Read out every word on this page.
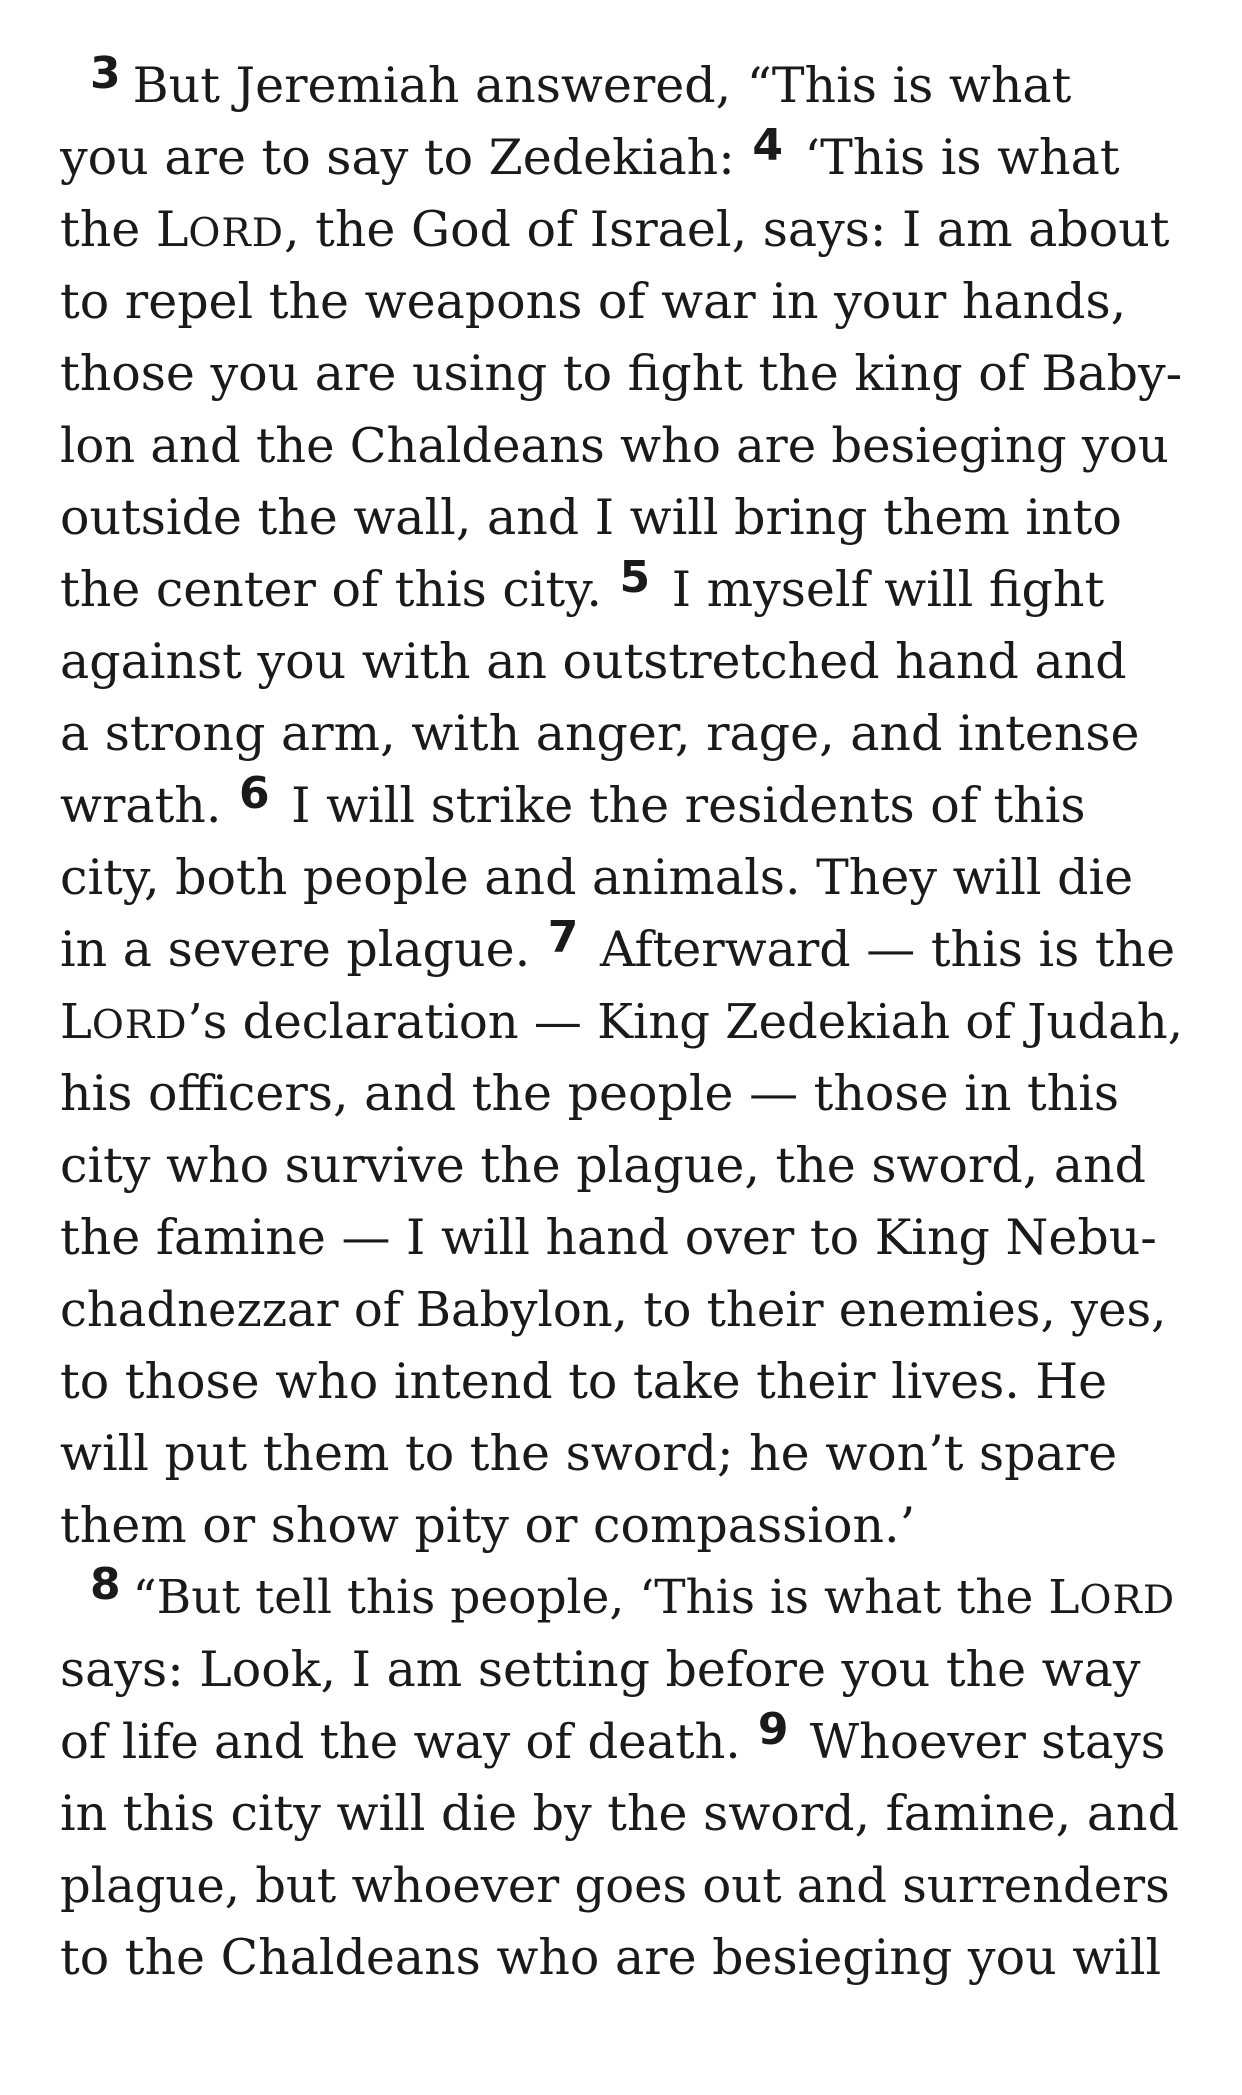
3 But Jeremiah answered, “This is what
you are to say to Zedekiah: 4 ‘This is what
the LORD, the God of Israel, says: I am about
to repel the weapons of war in your hands,
those you are using to fight the king of Baby-
lon and the Chaldeans who are besieging you
outside the wall, and I will bring them into
the center of this city. 5 I myself will fight
against you with an outstretched hand and
a strong arm, with anger, rage, and intense
wrath. 6 I will strike the residents of this
city, both people and animals. They will die
in a severe plague. 7 Afterward — this is the
LORD’s declaration — King Zedekiah of Judah,
his officers, and the people — those in this
city who survive the plague, the sword, and
the famine — I will hand over to King Nebu-
chadnezzar of Babylon, to their enemies, yes,
to those who intend to take their lives. He
will put them to the sword; he won’t spare
them or show pity or compassion.’
8 “But tell this people, ‘This is what the LORD
says: Look, I am setting before you the way
of life and the way of death. 9 Whoever stays
in this city will die by the sword, famine, and
plague, but whoever goes out and surrenders
to the Chaldeans who are besieging you will
